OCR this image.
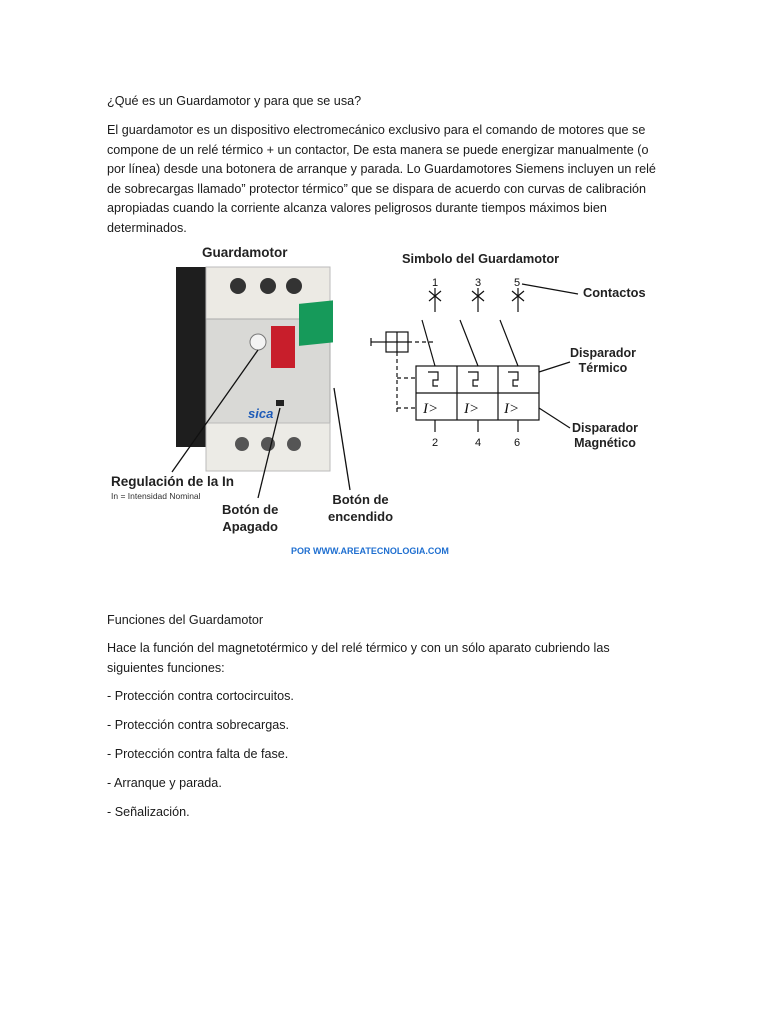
¿Qué es un Guardamotor y para que se usa?

El guardamotor es un dispositivo electromecánico exclusivo para el comando de motores que se
compone de un relé térmico + un contactor, De esta manera se puede energizar manualmente (o
por línea) desde una botonera de arranque y parada. Lo Guardamotores Siemens incluyen un relé
de sobrecargas llamado” protector térmico” que se dispara de acuerdo con curvas de calibración
apropiadas cuando la corriente alcanza valores peligrosos durante tiempos máximos bien
determinados.
sica
1	3	5
2	4	6
I> I> I>
Guardamotor	Simbolo del Guardamotor
Contactos
Disparador
Térmico
Disparador
Magnético
Regulación de la In
In = Intensidad Nominal
Botón de
Apagado
Botón de
encendido
POR WWW.AREATECNOLOGIA.COM

Funciones del Guardamotor

Hace la función del magnetotérmico y del relé térmico y con un sólo aparato cubriendo las
siguientes funciones:

- Protección contra cortocircuitos.

- Protección contra sobrecargas.

- Protección contra falta de fase.

- Arranque y parada.

- Señalización.
